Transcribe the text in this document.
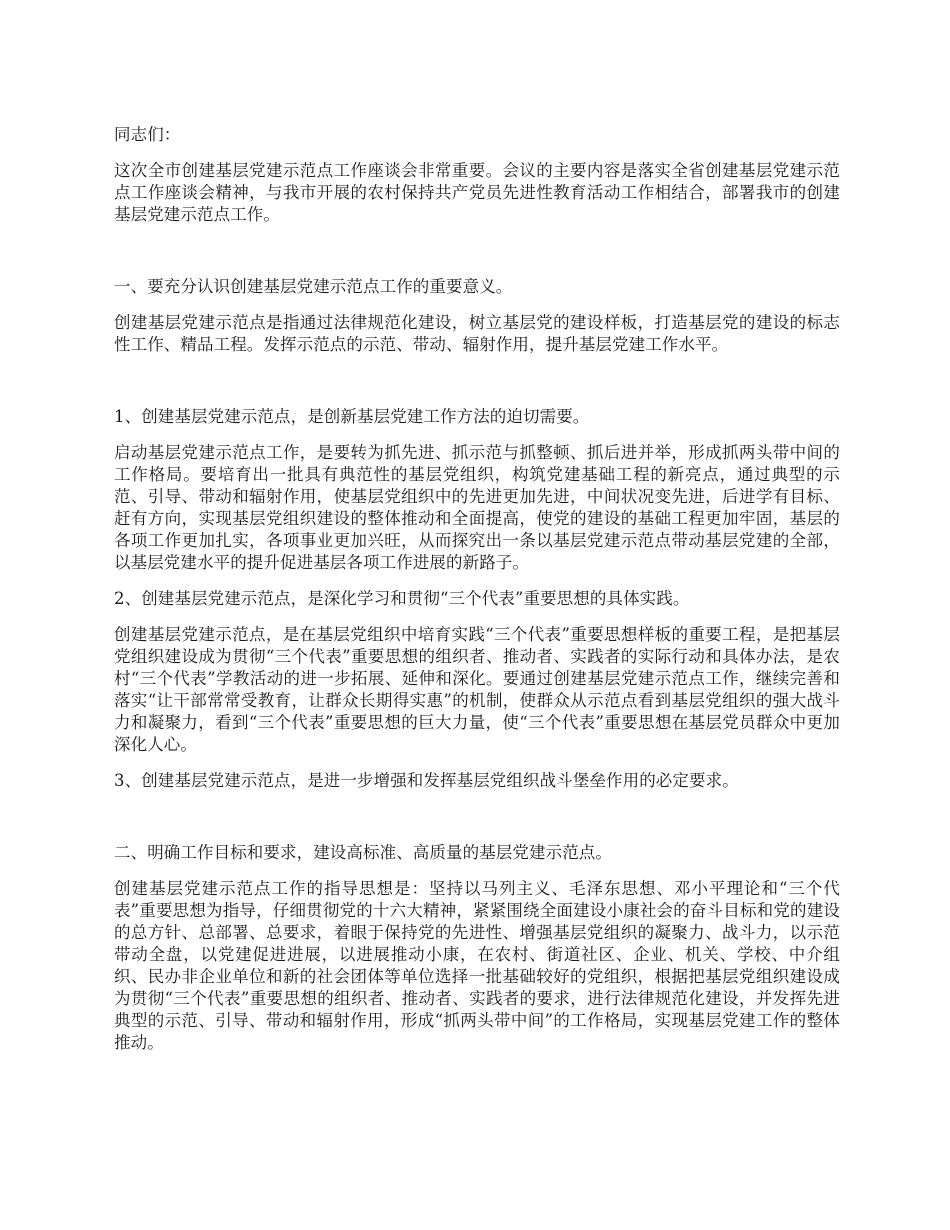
同志们：

这次全市创建基层党建示范点工作座谈会非常重要。会议的主要内容是落实全省创建基层党建示范点工作座谈会精神，与我市开展的农村保持共产党员先进性教育活动工作相结合，部署我市的创建基层党建示范点工作。

一、要充分认识创建基层党建示范点工作的重要意义。

创建基层党建示范点是指通过法律规范化建设，树立基层党的建设样板，打造基层党的建设的标志性工作、精品工程。发挥示范点的示范、带动、辐射作用，提升基层党建工作水平。

1、创建基层党建示范点，是创新基层党建工作方法的迫切需要。

启动基层党建示范点工作，是要转为抓先进、抓示范与抓整顿、抓后进并举，形成抓两头带中间的工作格局。要培育出一批具有典范性的基层党组织，构筑党建基础工程的新亮点，通过典型的示范、引导、带动和辐射作用，使基层党组织中的先进更加先进，中间状况变先进，后进学有目标、赶有方向，实现基层党组织建设的整体推动和全面提高，使党的建设的基础工程更加牢固，基层的各项工作更加扎实，各项事业更加兴旺，从而探究出一条以基层党建示范点带动基层党建的全部，以基层党建水平的提升促进基层各项工作进展的新路子。

2、创建基层党建示范点，是深化学习和贯彻“三个代表”重要思想的具体实践。

创建基层党建示范点，是在基层党组织中培育实践“三个代表”重要思想样板的重要工程，是把基层党组织建设成为贯彻“三个代表”重要思想的组织者、推动者、实践者的实际行动和具体办法，是农村“三个代表”学教活动的进一步拓展、延伸和深化。要通过创建基层党建示范点工作，继续完善和落实“让干部常常受教育，让群众长期得实惠”的机制，使群众从示范点看到基层党组织的强大战斗力和凝聚力，看到“三个代表”重要思想的巨大力量，使“三个代表”重要思想在基层党员群众中更加深化人心。

3、创建基层党建示范点，是进一步增强和发挥基层党组织战斗堡垒作用的必定要求。

二、明确工作目标和要求，建设高标准、高质量的基层党建示范点。

创建基层党建示范点工作的指导思想是：坚持以马列主义、毛泽东思想、邓小平理论和“三个代表”重要思想为指导，仔细贯彻党的十六大精神，紧紧围绕全面建设小康社会的奋斗目标和党的建设的总方针、总部署、总要求，着眼于保持党的先进性、增强基层党组织的凝聚力、战斗力，以示范带动全盘，以党建促进进展，以进展推动小康，在农村、街道社区、企业、机关、学校、中介组织、民办非企业单位和新的社会团体等单位选择一批基础较好的党组织，根据把基层党组织建设成为贯彻“三个代表”重要思想的组织者、推动者、实践者的要求，进行法律规范化建设，并发挥先进典型的示范、引导、带动和辐射作用，形成“抓两头带中间”的工作格局，实现基层党建工作的整体推动。
